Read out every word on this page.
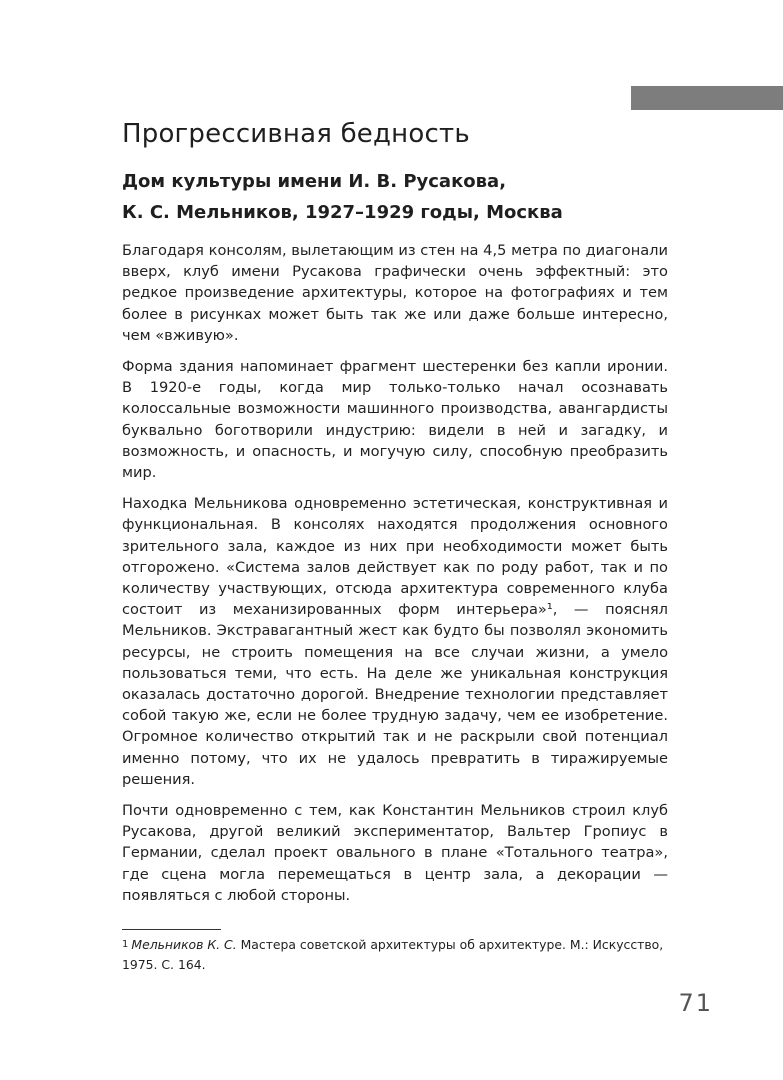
Прогрессивная бедность
Дом культуры имени И. В. Русакова,
К. С. Мельников, 1927–1929 годы, Москва

Благодаря консолям, вылетающим из стен на 4,5 метра по диагонали вверх, клуб имени Русакова графически очень эффектный: это редкое произведение архитектуры, которое на фотографиях и тем более в рисунках может быть так же или даже больше интересно, чем «вживую».

Форма здания напоминает фрагмент шестеренки без капли иронии. В 1920-е годы, когда мир только-только начал осознавать колоссальные возможности машинного производства, авангардисты буквально боготворили индустрию: видели в ней и загадку, и возможность, и опасность, и могучую силу, способную преобразить мир.

Находка Мельникова одновременно эстетическая, конструктивная и функциональная. В консолях находятся продолжения основного зрительного зала, каждое из них при необходимости может быть отгорожено. «Система залов действует как по роду работ, так и по количеству участвующих, отсюда архитектура современного клуба состоит из механизированных форм интерьера»¹, — пояснял Мельников. Экстравагантный жест как будто бы позволял экономить ресурсы, не строить помещения на все случаи жизни, а умело пользоваться теми, что есть. На деле же уникальная конструкция оказалась достаточно дорогой. Внедрение технологии представляет собой такую же, если не более трудную задачу, чем ее изобретение. Огромное количество открытий так и не раскрыли свой потенциал именно потому, что их не удалось превратить в тиражируемые решения.

Почти одновременно с тем, как Константин Мельников строил клуб Русакова, другой великий экспериментатор, Вальтер Гропиус в Германии, сделал проект овального в плане «Тотального театра», где сцена могла перемещаться в центр зала, а декорации — появляться с любой стороны.

1 Мельников К. С. Мастера советской архитектуры об архитектуре. М.: Искусство, 1975. С. 164.

71
